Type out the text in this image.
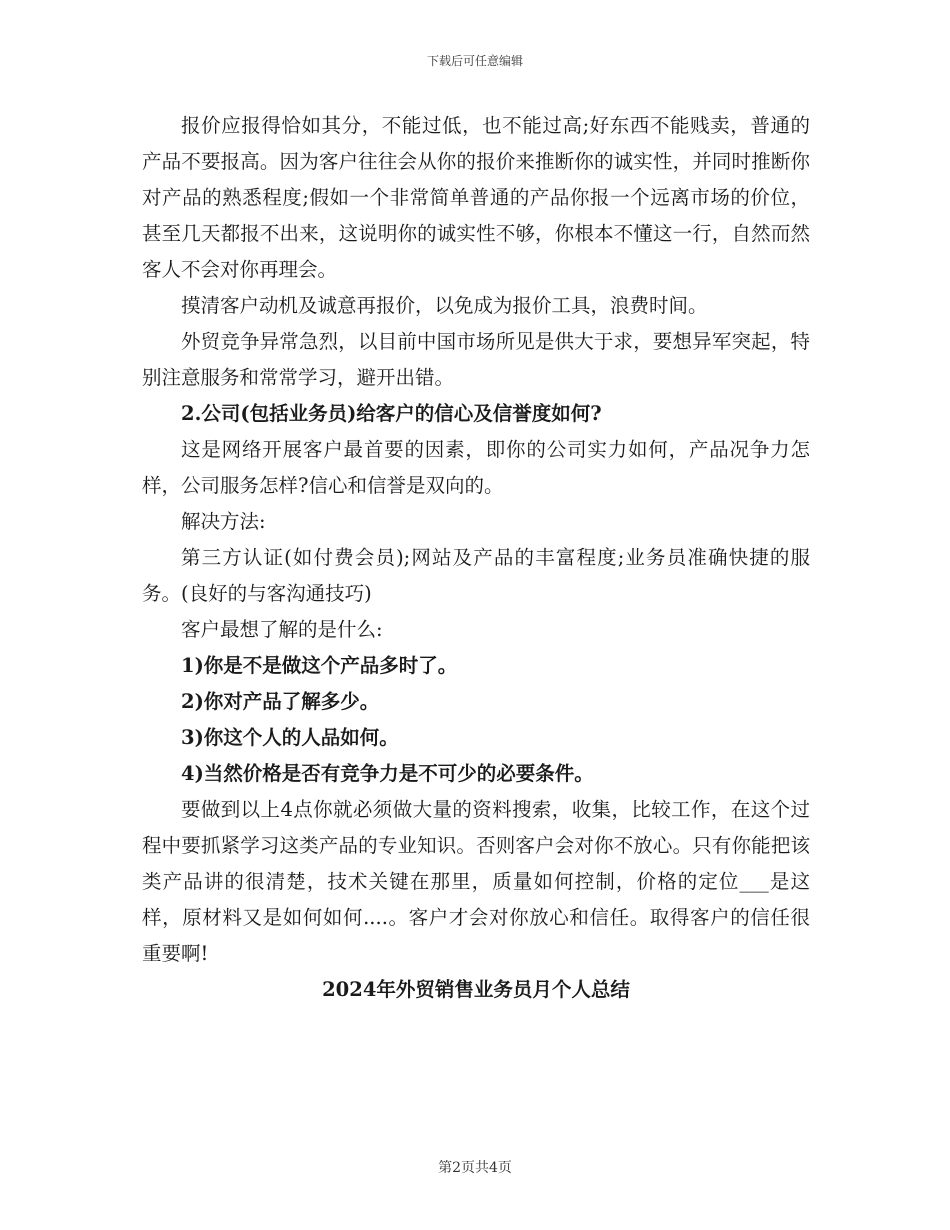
下载后可任意编辑

报价应报得恰如其分，不能过低，也不能过高;好东西不能贱卖，普通的产品不要报高。因为客户往往会从你的报价来推断你的诚实性，并同时推断你对产品的熟悉程度;假如一个非常简单普通的产品你报一个远离市场的价位，甚至几天都报不出来，这说明你的诚实性不够，你根本不懂这一行，自然而然客人不会对你再理会。

摸清客户动机及诚意再报价，以免成为报价工具，浪费时间。

外贸竞争异常急烈，以目前中国市场所见是供大于求，要想异军突起，特别注意服务和常常学习，避开出错。

2.公司(包括业务员)给客户的信心及信誉度如何?

这是网络开展客户最首要的因素，即你的公司实力如何，产品况争力怎样，公司服务怎样?信心和信誉是双向的。

解决方法:

第三方认证(如付费会员);网站及产品的丰富程度;业务员准确快捷的服务。(良好的与客沟通技巧)

客户最想了解的是什么:

1)你是不是做这个产品多时了。

2)你对产品了解多少。

3)你这个人的人品如何。

4)当然价格是否有竞争力是不可少的必要条件。

要做到以上4点你就必须做大量的资料搜索，收集，比较工作，在这个过程中要抓紧学习这类产品的专业知识。否则客户会对你不放心。只有你能把该类产品讲的很清楚，技术关键在那里，质量如何控制，价格的定位___是这样，原材料又是如何如何....。客户才会对你放心和信任。取得客户的信任很重要啊!

2024年外贸销售业务员月个人总结

第2页共4页
